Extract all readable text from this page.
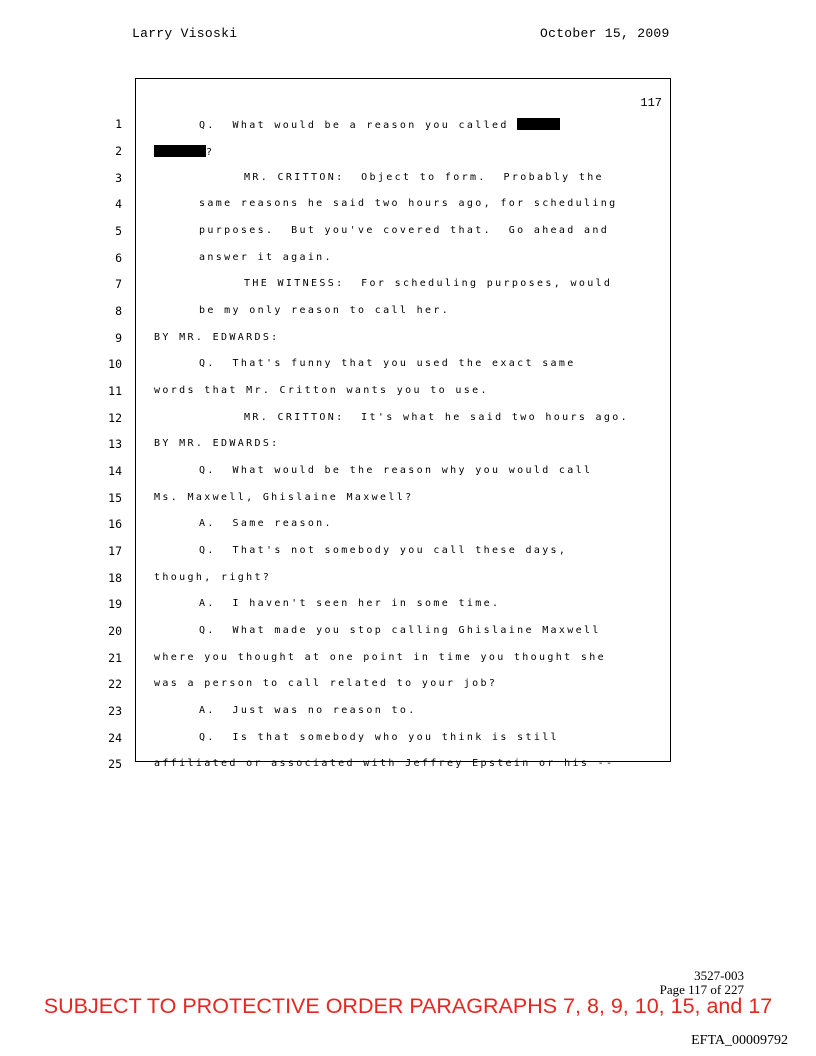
Larry Visoski	October 15, 2009
117
1
2
3
4
5
6
7
8
9
10
11
12
13
14
15
16
17
18
19
20
21
22
23
24
25
Q.  What would be a reason you called
?
MR. CRITTON:  Object to form.  Probably the
same reasons he said two hours ago, for scheduling
purposes.  But you've covered that.  Go ahead and
answer it again.
THE WITNESS:  For scheduling purposes, would
be my only reason to call her.
BY MR. EDWARDS:
Q.  That's funny that you used the exact same
words that Mr. Critton wants you to use.
MR. CRITTON:  It's what he said two hours ago.
BY MR. EDWARDS:
Q.  What would be the reason why you would call
Ms. Maxwell, Ghislaine Maxwell?
A.  Same reason.
Q.  That's not somebody you call these days,
though, right?
A.  I haven't seen her in some time.
Q.  What made you stop calling Ghislaine Maxwell
where you thought at one point in time you thought she
was a person to call related to your job?
A.  Just was no reason to.
Q.  Is that somebody who you think is still
affiliated or associated with Jeffrey Epstein or his --
3527-003
Page 117 of 227
SUBJECT TO PROTECTIVE ORDER PARAGRAPHS 7, 8, 9, 10, 15, and 17
EFTA_00009792
